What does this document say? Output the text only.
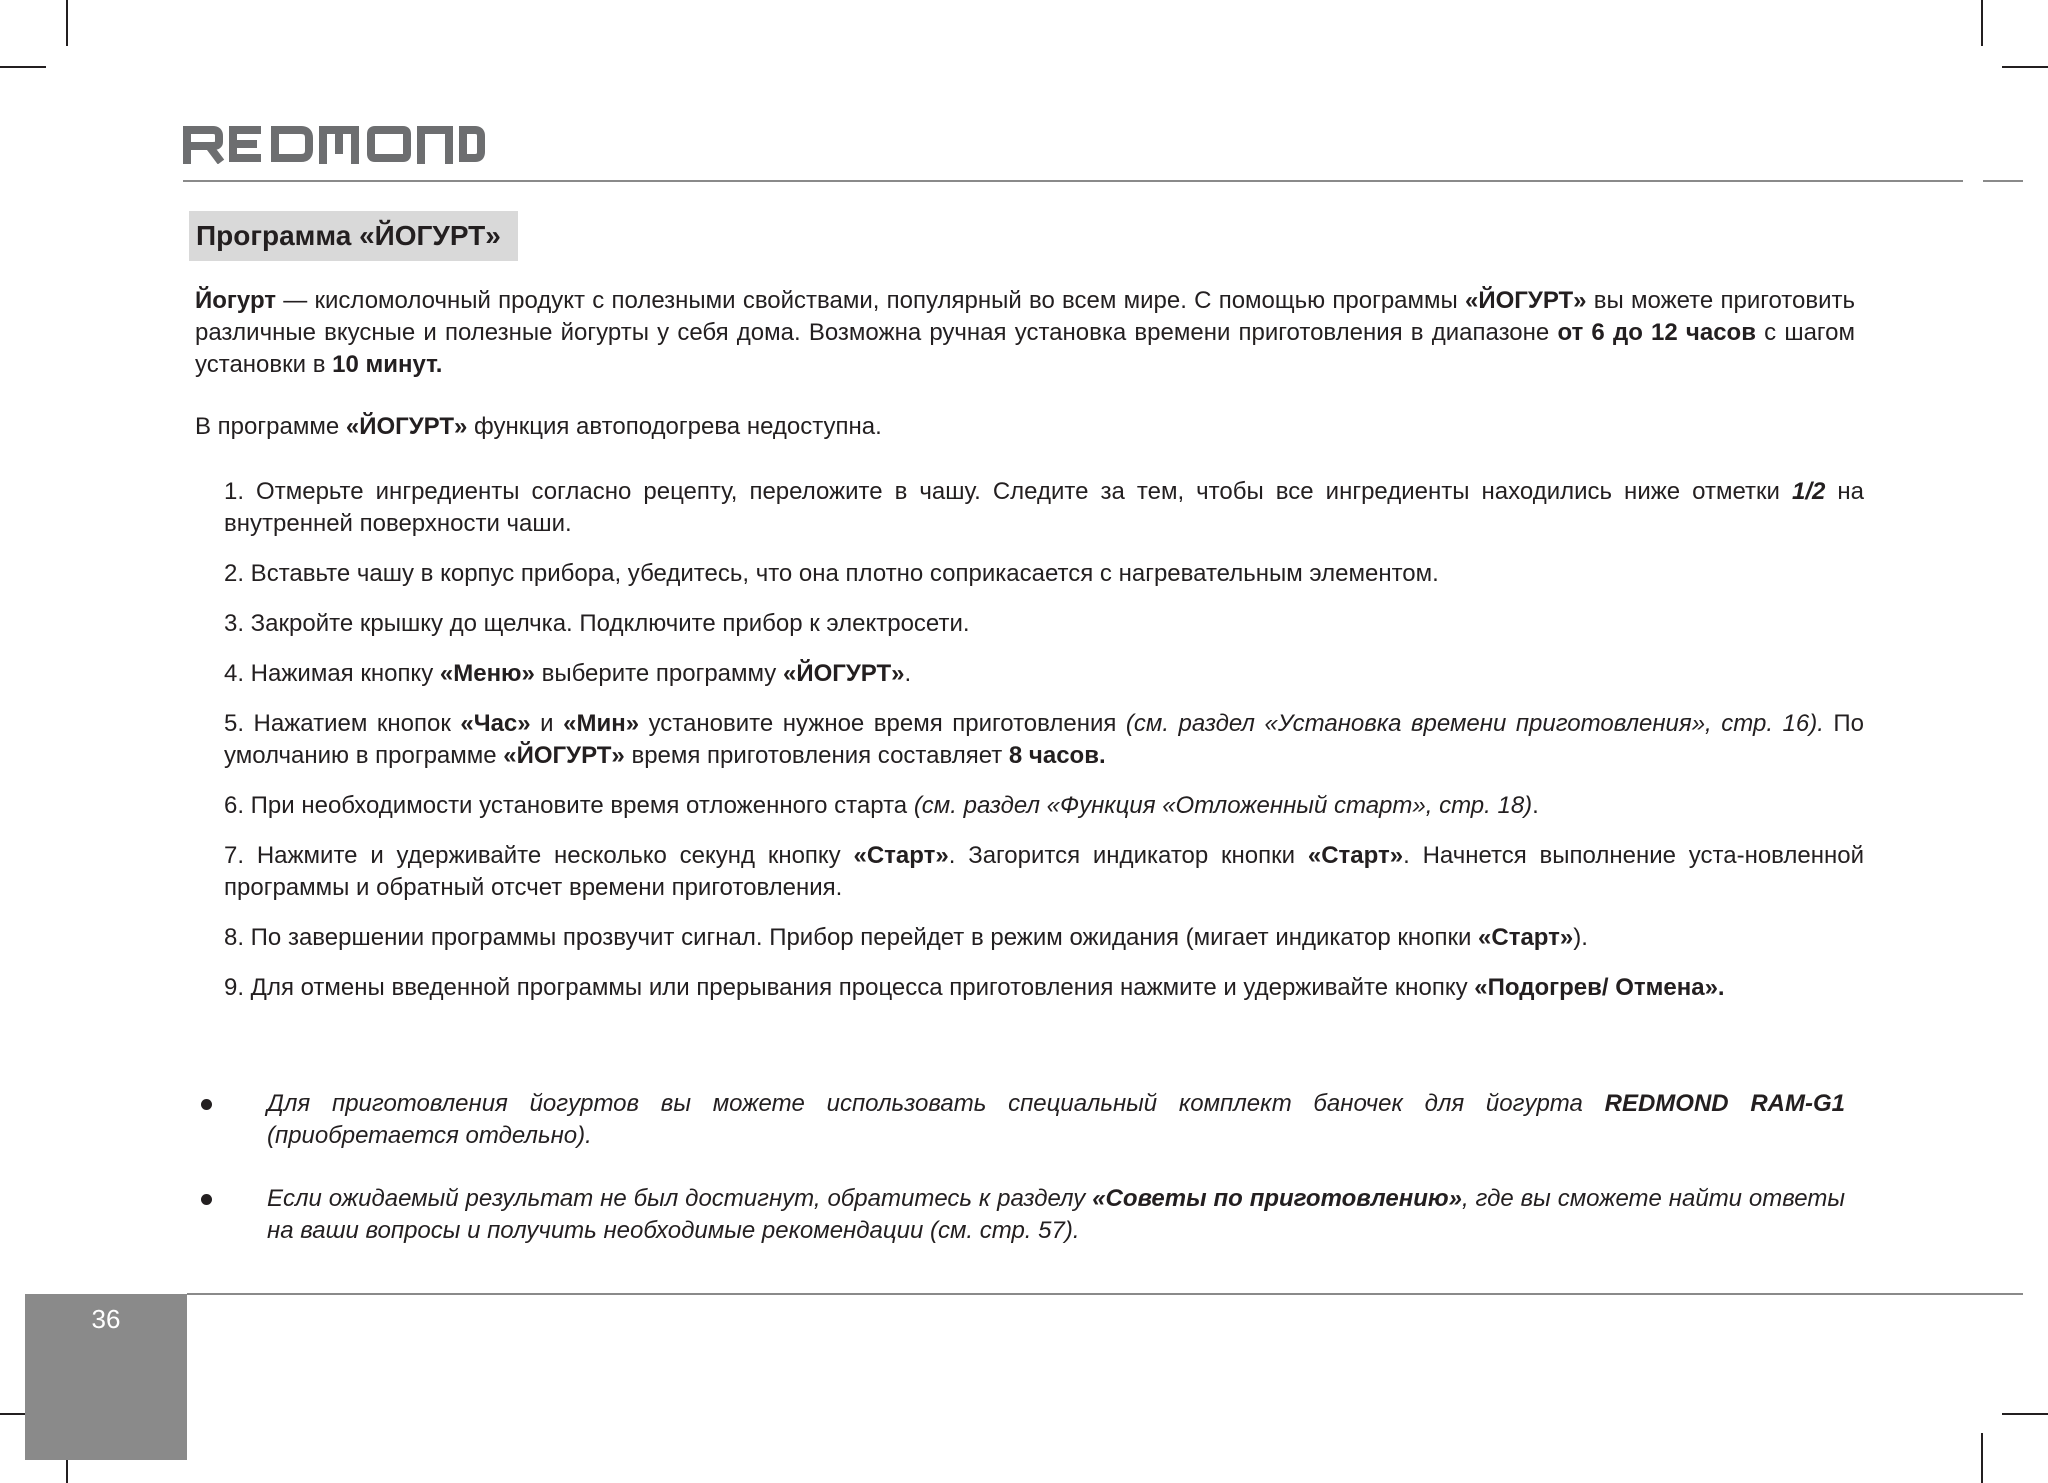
Программа «ЙОГУРТ»
Йогурт — кисломолочный продукт с полезными свойствами, популярный во всем мире. С помощью программы «ЙОГУРТ» вы можете приготовить различные вкусные и полезные йогурты у себя дома. Возможна ручная установка времени приготовления в диапазоне от 6 до 12 часов с шагом установки в 10 минут.
В программе «ЙОГУРТ» функция автоподогрева недоступна.
1. Отмерьте ингредиенты согласно рецепту, переложите в чашу. Следите за тем, чтобы все ингредиенты находились ниже отметки 1/2 на внутренней поверхности чаши.
2. Вставьте чашу в корпус прибора, убедитесь, что она плотно соприкасается с нагревательным элементом.
3. Закройте крышку до щелчка. Подключите прибор к электросети.
4. Нажимая кнопку «Меню» выберите программу «ЙОГУРТ».
5. Нажатием кнопок «Час» и «Мин» установите нужное время приготовления (см. раздел «Установка времени приготовления», стр. 16). По умолчанию в программе «ЙОГУРТ» время приготовления составляет 8 часов.
6. При необходимости установите время отложенного старта (см. раздел «Функция «Отложенный старт», стр. 18).
7. Нажмите и удерживайте несколько секунд кнопку «Старт». Загорится индикатор кнопки «Старт». Начнется выполнение уста-новленной программы и обратный отсчет времени приготовления.
8. По завершении программы прозвучит сигнал. Прибор перейдет в режим ожидания (мигает индикатор кнопки «Старт»).
9. Для отмены введенной программы или прерывания процесса приготовления нажмите и удерживайте кнопку «Подогрев/ Отмена».
Для приготовления йогуртов вы можете использовать специальный комплект баночек для йогурта REDMOND RAM-G1 (приобретается отдельно).
Если ожидаемый результат не был достигнут, обратитесь к разделу «Советы по приготовлению», где вы сможете найти ответы на ваши вопросы и получить необходимые рекомендации (см. стр. 57).
36
